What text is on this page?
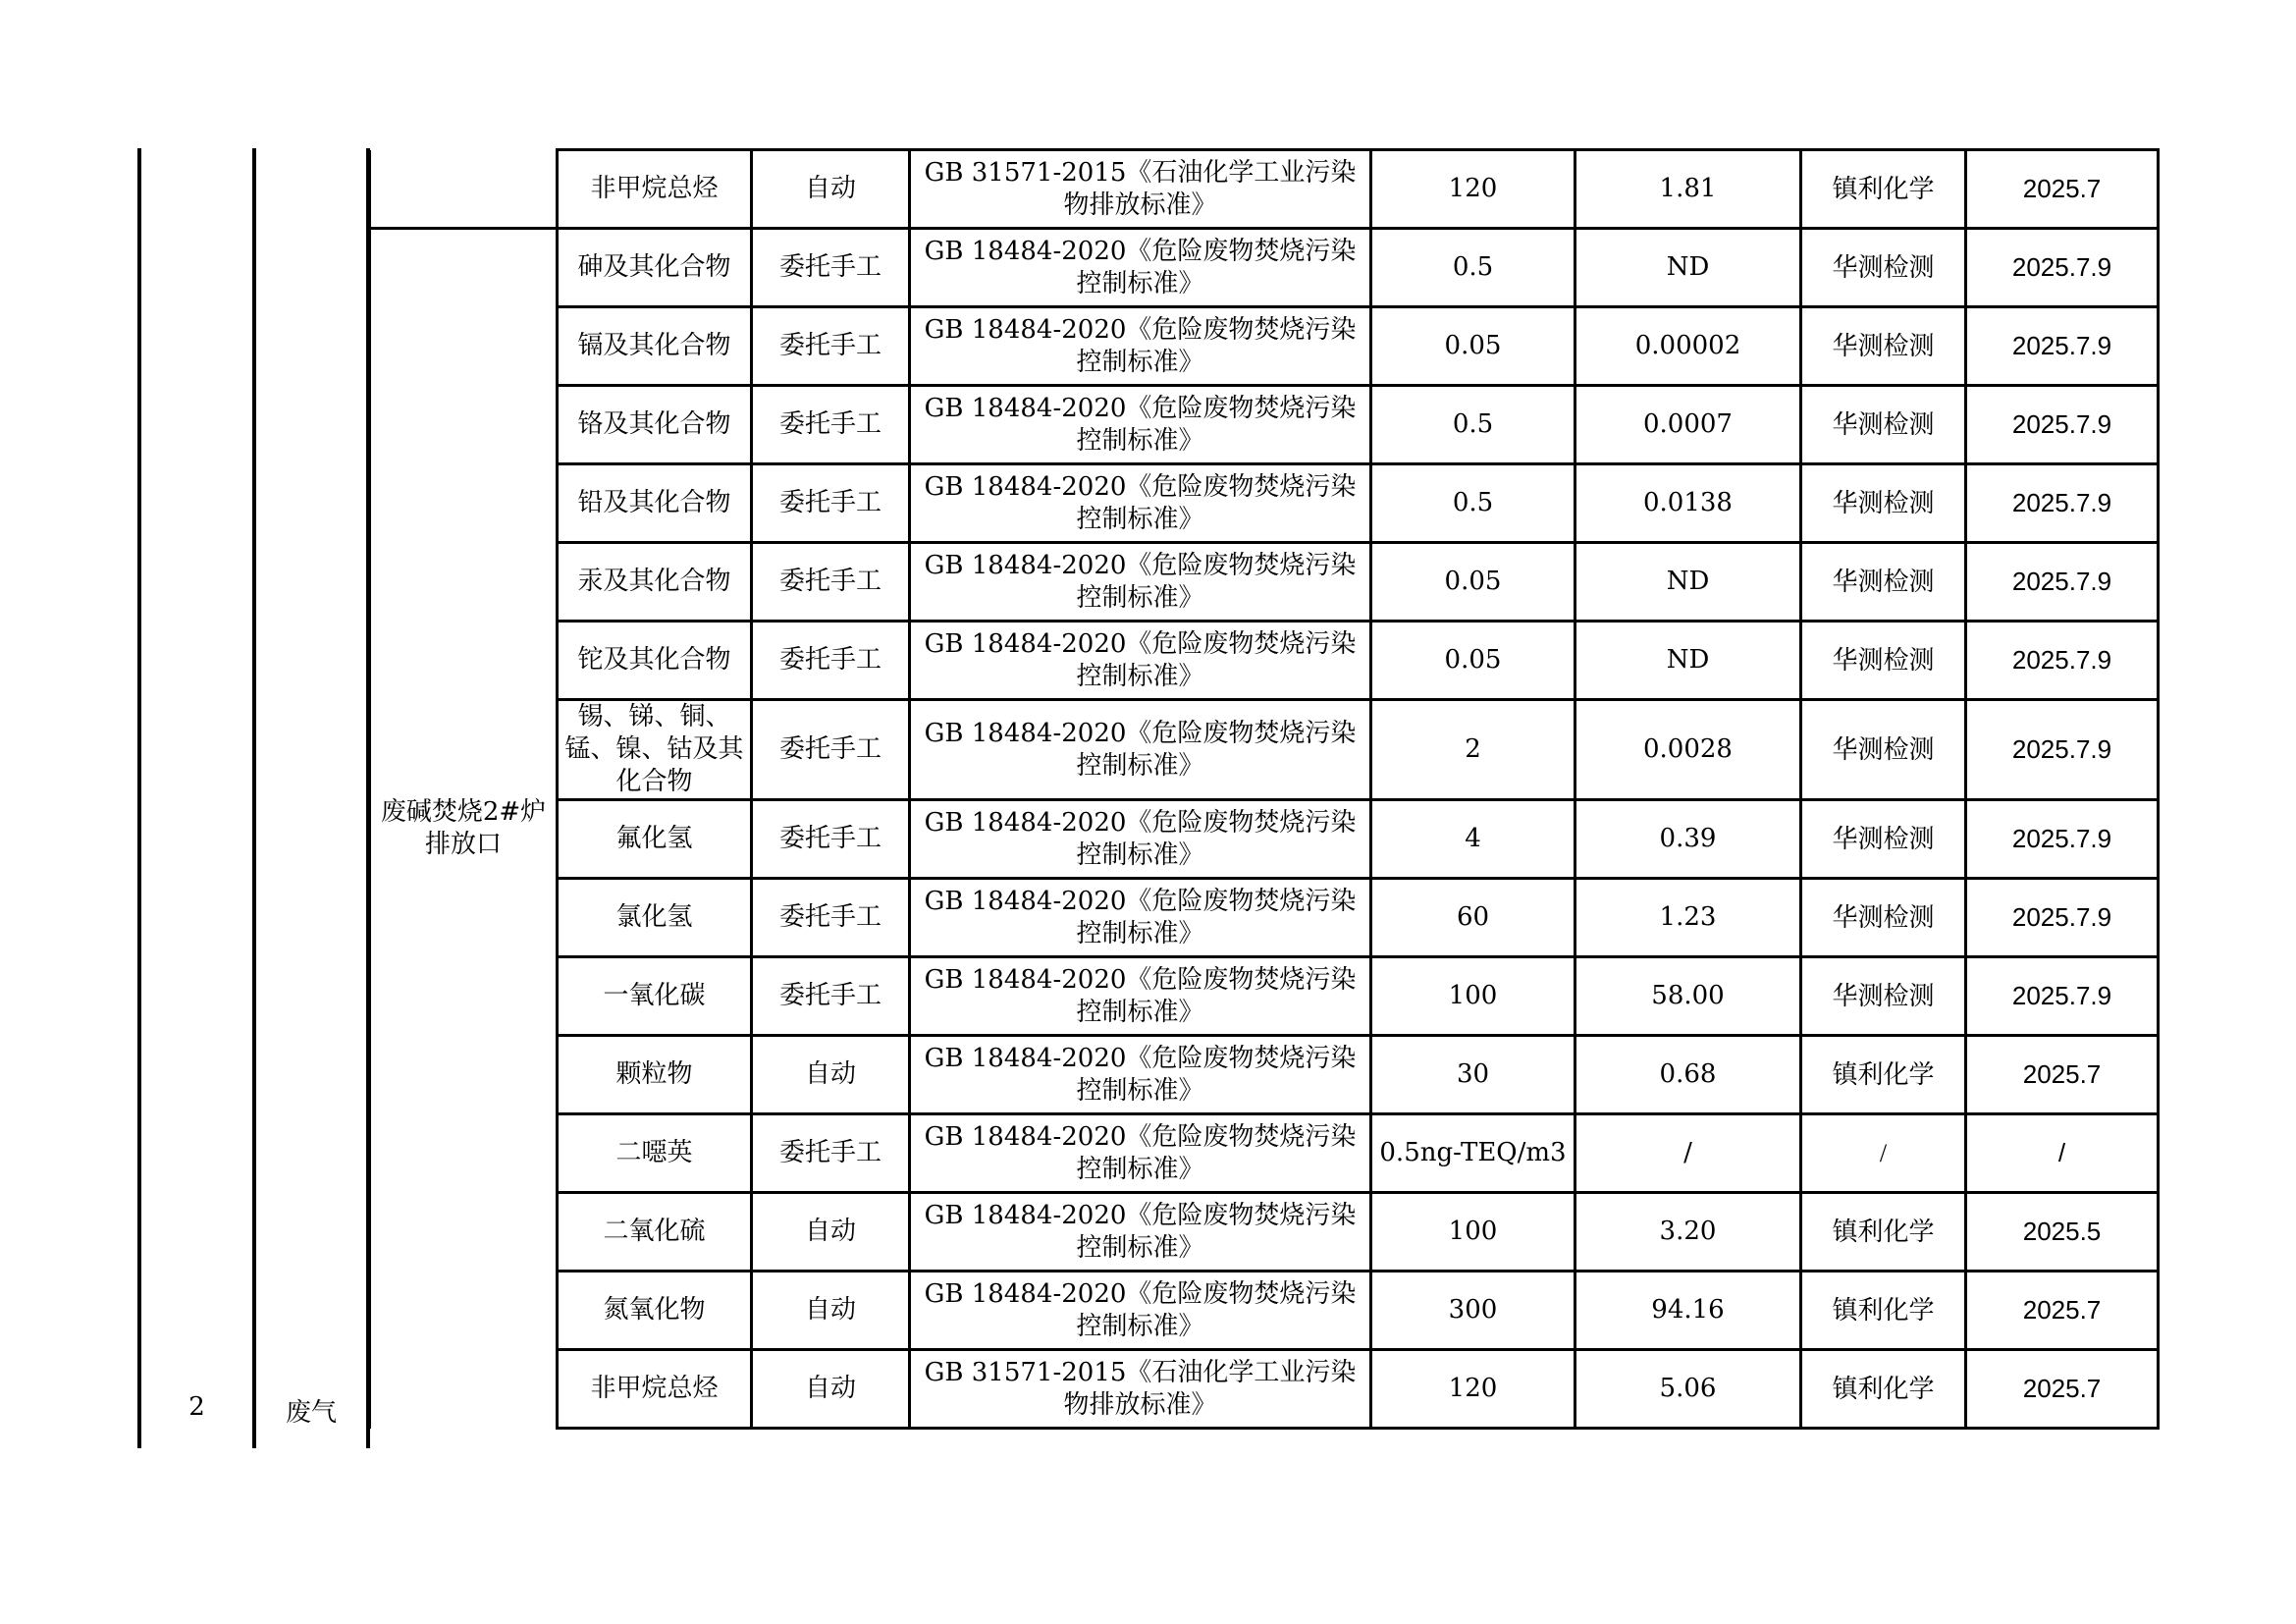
2	废气
	非甲烷总烃	自动	GB 31571-2015《石油化学工业污染物排放标准》	120	1.81	镇利化学	2025.7
废碱焚烧2#炉排放口	砷及其化合物	委托手工	GB 18484-2020《危险废物焚烧污染控制标准》	0.5	ND	华测检测	2025.7.9
	镉及其化合物	委托手工	GB 18484-2020《危险废物焚烧污染控制标准》	0.05	0.00002	华测检测	2025.7.9
	铬及其化合物	委托手工	GB 18484-2020《危险废物焚烧污染控制标准》	0.5	0.0007	华测检测	2025.7.9
	铅及其化合物	委托手工	GB 18484-2020《危险废物焚烧污染控制标准》	0.5	0.0138	华测检测	2025.7.9
	汞及其化合物	委托手工	GB 18484-2020《危险废物焚烧污染控制标准》	0.05	ND	华测检测	2025.7.9
	铊及其化合物	委托手工	GB 18484-2020《危险废物焚烧污染控制标准》	0.05	ND	华测检测	2025.7.9
	锡、锑、铜、锰、镍、钴及其化合物	委托手工	GB 18484-2020《危险废物焚烧污染控制标准》	2	0.0028	华测检测	2025.7.9
	氟化氢	委托手工	GB 18484-2020《危险废物焚烧污染控制标准》	4	0.39	华测检测	2025.7.9
	氯化氢	委托手工	GB 18484-2020《危险废物焚烧污染控制标准》	60	1.23	华测检测	2025.7.9
	一氧化碳	委托手工	GB 18484-2020《危险废物焚烧污染控制标准》	100	58.00	华测检测	2025.7.9
	颗粒物	自动	GB 18484-2020《危险废物焚烧污染控制标准》	30	0.68	镇利化学	2025.7
	二噁英	委托手工	GB 18484-2020《危险废物焚烧污染控制标准》	0.5ng-TEQ/m3	/	/	/
	二氧化硫	自动	GB 18484-2020《危险废物焚烧污染控制标准》	100	3.20	镇利化学	2025.5
	氮氧化物	自动	GB 18484-2020《危险废物焚烧污染控制标准》	300	94.16	镇利化学	2025.7
	非甲烷总烃	自动	GB 31571-2015《石油化学工业污染物排放标准》	120	5.06	镇利化学	2025.7
